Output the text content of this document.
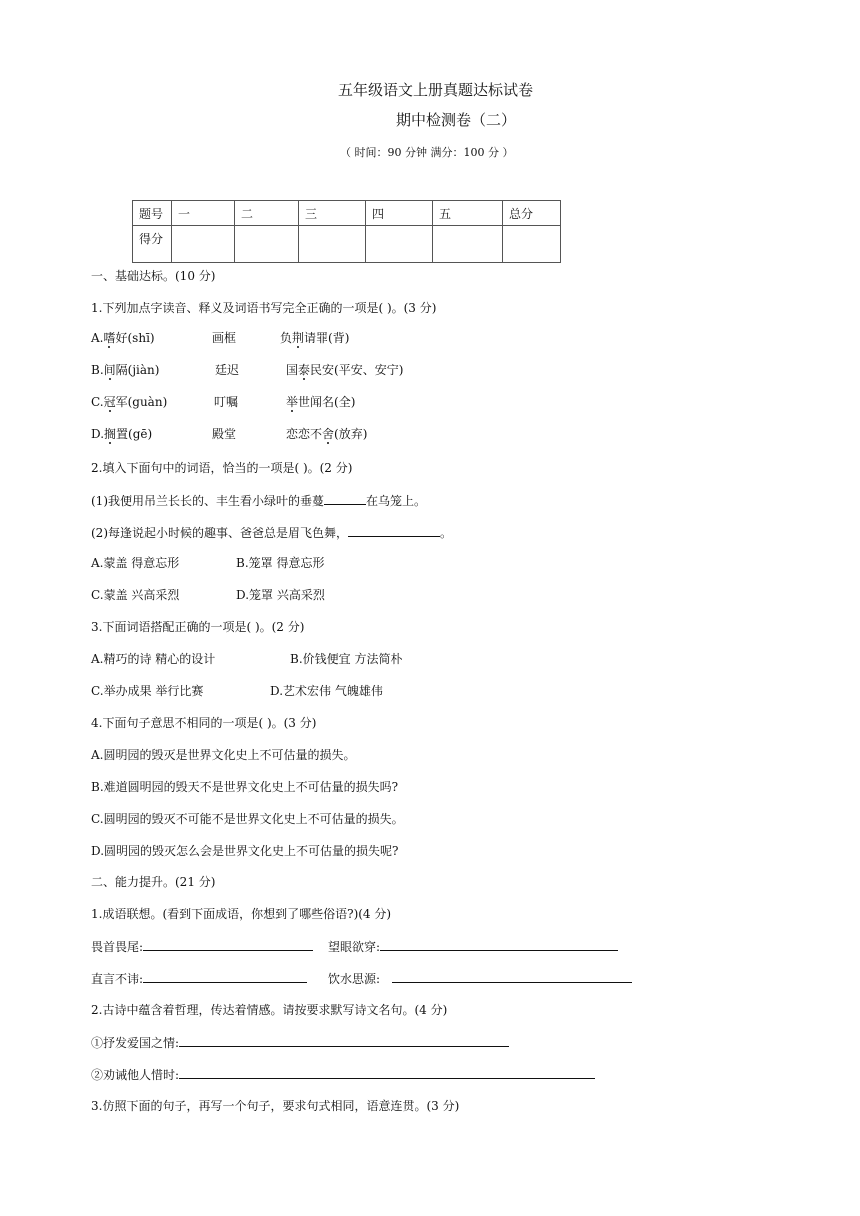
五年级语文上册真题达标试卷
期中检测卷（二）
（ 时间：90 分钟 满分：100 分 ）
题号	一	二	三	四	五	总分
得分						
一、基础达标。(10 分)
1.下列加点字读音、释义及词语书写完全正确的一项是( )。(3 分)
A.嗜好(shī)	画框	负荆请罪(背)
B.间隔(jiàn)	廷迟	国泰民安(平安、安宁)
C.冠军(guàn)	叮嘱	举世闻名(全)
D.搁置(gē)	殿堂	恋恋不舍(放弃)
2.填入下面句中的词语，恰当的一项是( )。(2 分)
(1)我便用吊兰长长的、丰生看小绿叶的垂蔓	在乌笼上。
(2)每逢说起小时候的趣事、爸爸总是眉飞色舞，	。
A.蒙盖 得意忘形	B.笼罩 得意忘形
C.蒙盖 兴高采烈	D.笼罩 兴高采烈
3.下面词语搭配正确的一项是( )。(2 分)
A.精巧的诗 精心的设计	B.价钱便宜 方法简朴
C.举办成果 举行比赛	D.艺术宏伟 气魄雄伟
4.下面句子意思不相同的一项是( )。(3 分)
A.圆明园的毁灭是世界文化史上不可估量的损失。
B.难道圆明园的毁天不是世界文化史上不可估量的损失吗?
C.圆明园的毁灭不可能不是世界文化史上不可估量的损失。
D.圆明园的毁灭怎么会是世界文化史上不可估量的损失呢?
二、能力提升。(21 分)
1.成语联想。(看到下面成语，你想到了哪些俗语?)(4 分)
畏首畏尾:	望眼欲穿:
直言不讳:	饮水思源:
2.古诗中蕴含着哲理，传达着情感。请按要求默写诗文名句。(4 分)
①抒发爱国之情:
②劝诫他人惜时:
3.仿照下面的句子，再写一个句子，要求句式相同，语意连贯。(3 分)
